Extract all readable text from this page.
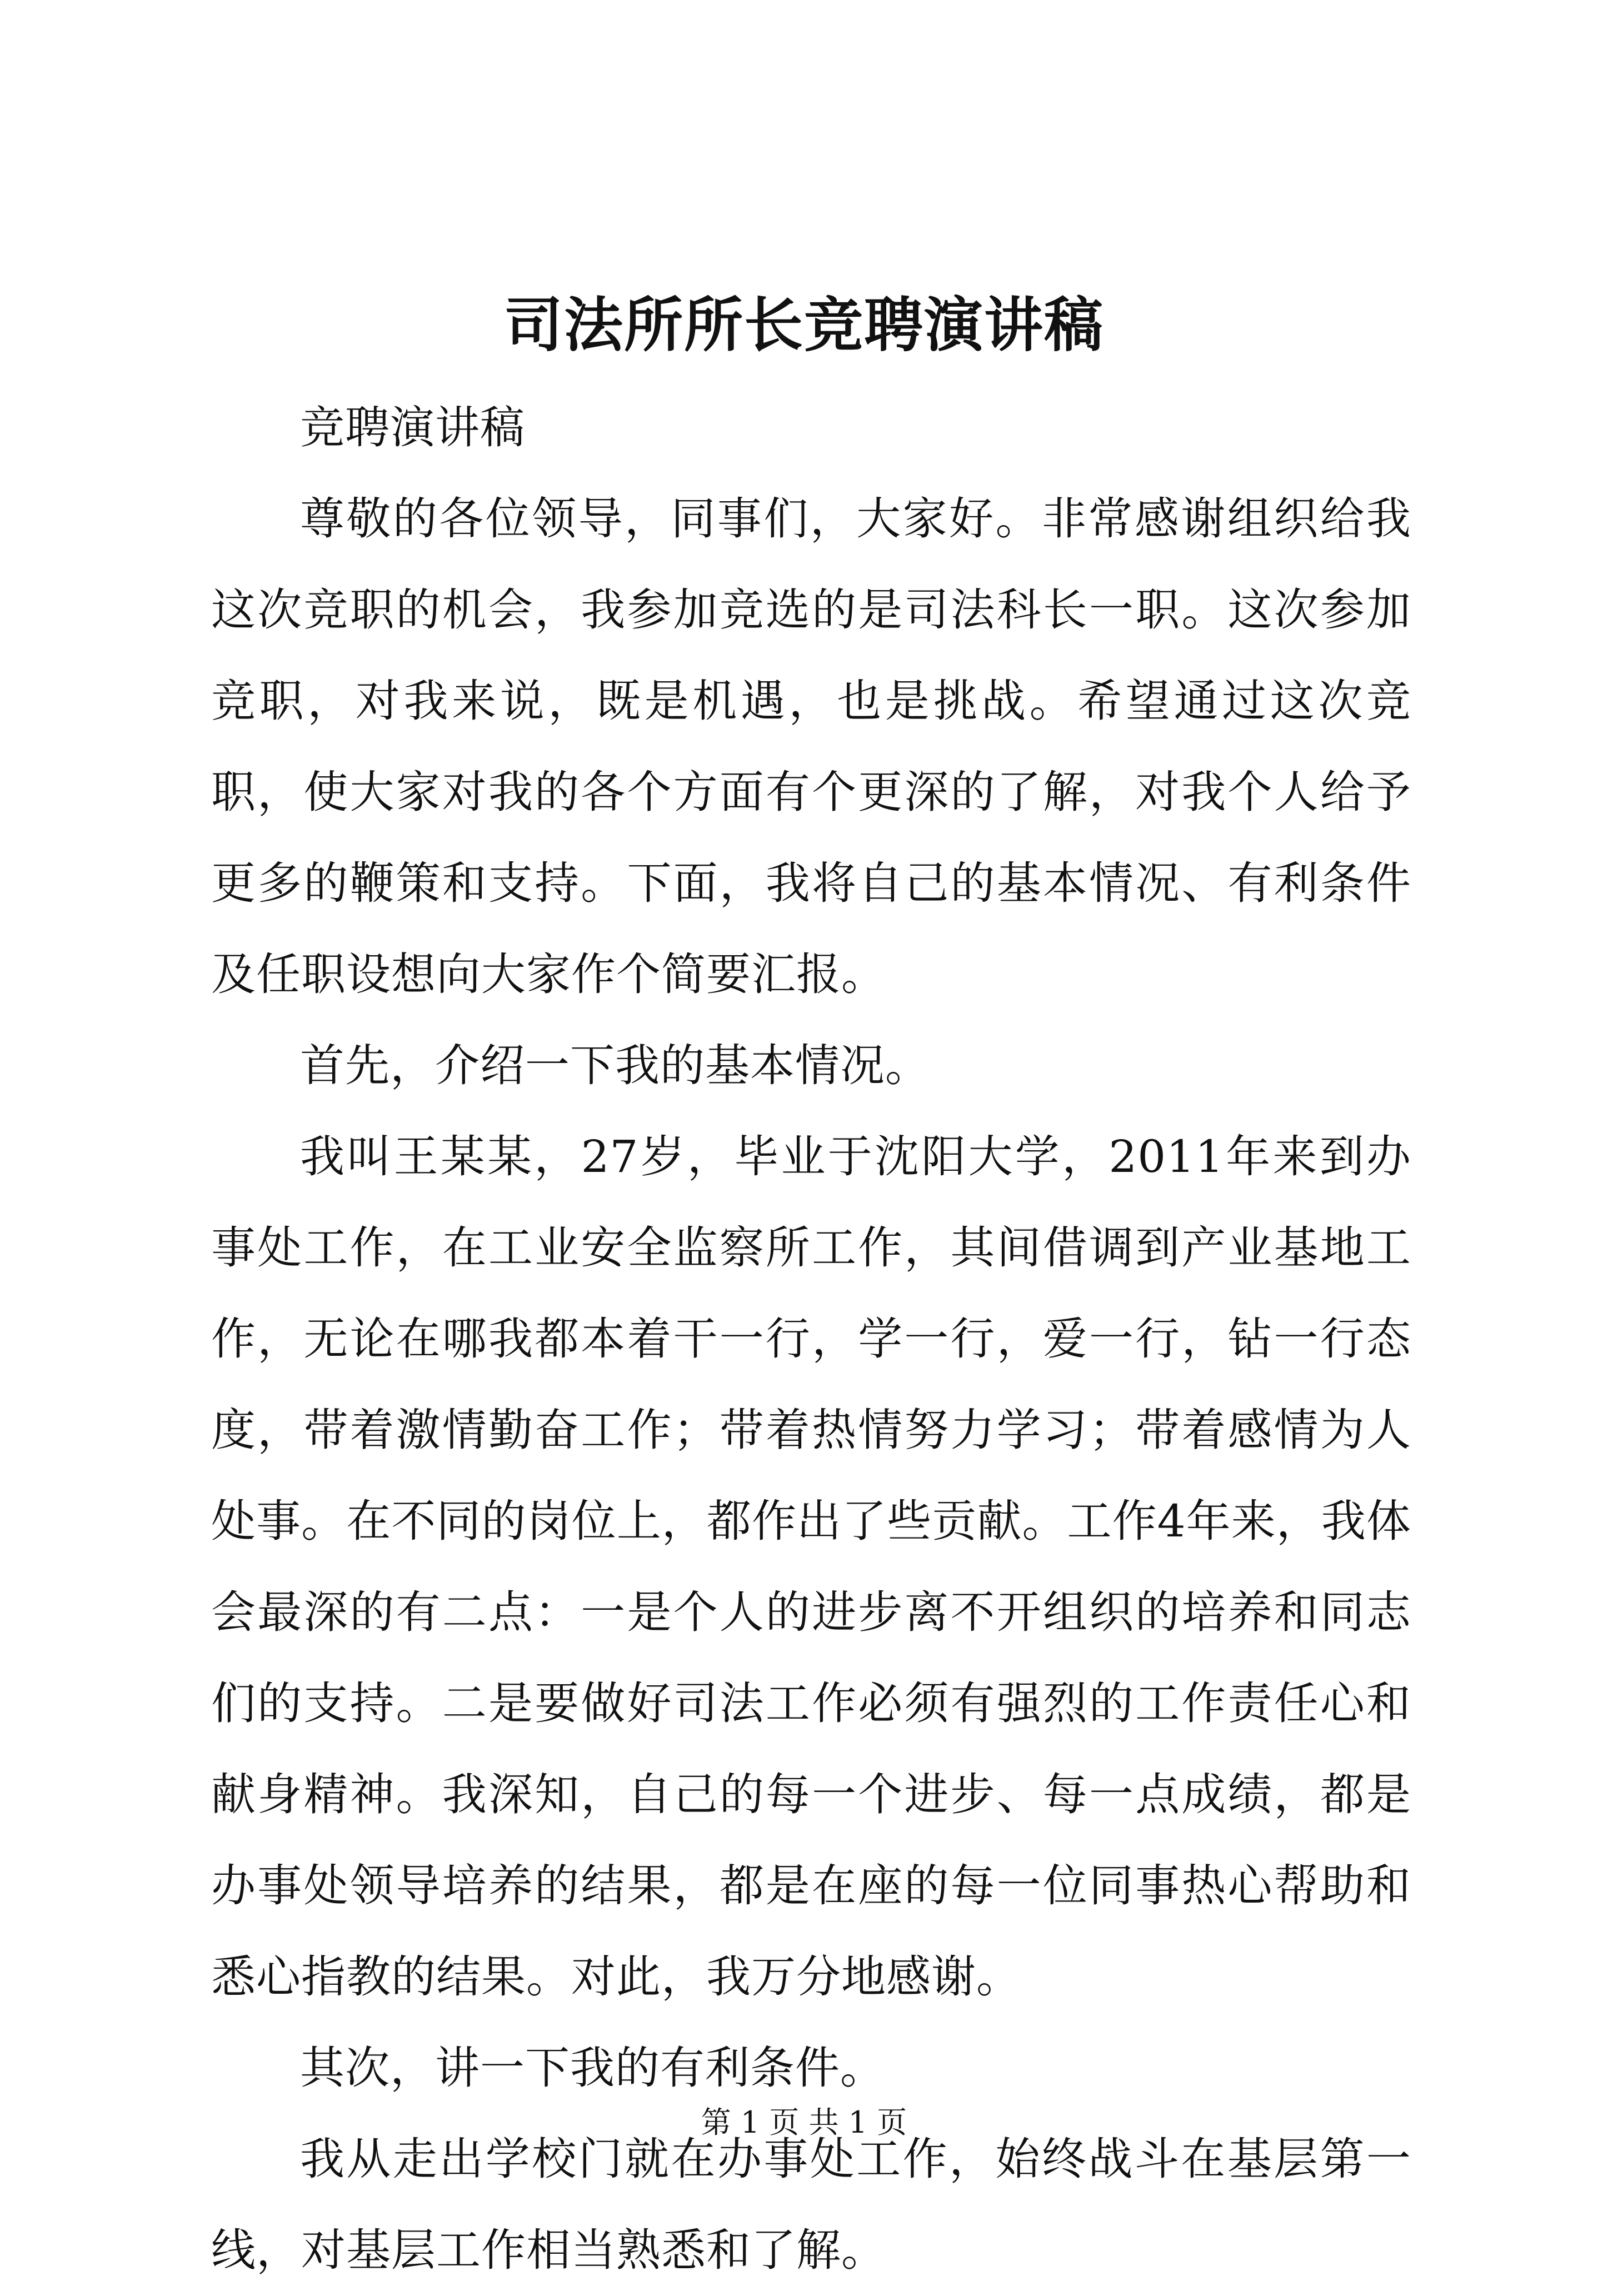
司法所所长竞聘演讲稿

竞聘演讲稿

尊敬的各位领导，同事们，大家好。非常感谢组织给我这次竞职的机会，我参加竞选的是司法科长一职。这次参加竞职，对我来说，既是机遇，也是挑战。希望通过这次竞职，使大家对我的各个方面有个更深的了解，对我个人给予更多的鞭策和支持。下面，我将自己的基本情况、有利条件及任职设想向大家作个简要汇报。

首先，介绍一下我的基本情况。

我叫王某某，27岁，毕业于沈阳大学，2011年来到办事处工作，在工业安全监察所工作，其间借调到产业基地工作，无论在哪我都本着干一行，学一行，爱一行，钻一行态度，带着激情勤奋工作；带着热情努力学习；带着感情为人处事。在不同的岗位上，都作出了些贡献。工作4年来，我体会最深的有二点：一是个人的进步离不开组织的培养和同志们的支持。二是要做好司法工作必须有强烈的工作责任心和献身精神。我深知，自己的每一个进步、每一点成绩，都是办事处领导培养的结果，都是在座的每一位同事热心帮助和悉心指教的结果。对此，我万分地感谢。

其次，讲一下我的有利条件。

我从走出学校门就在办事处工作，始终战斗在基层第一线，对基层工作相当熟悉和了解。

第 1 页 共 1 页
